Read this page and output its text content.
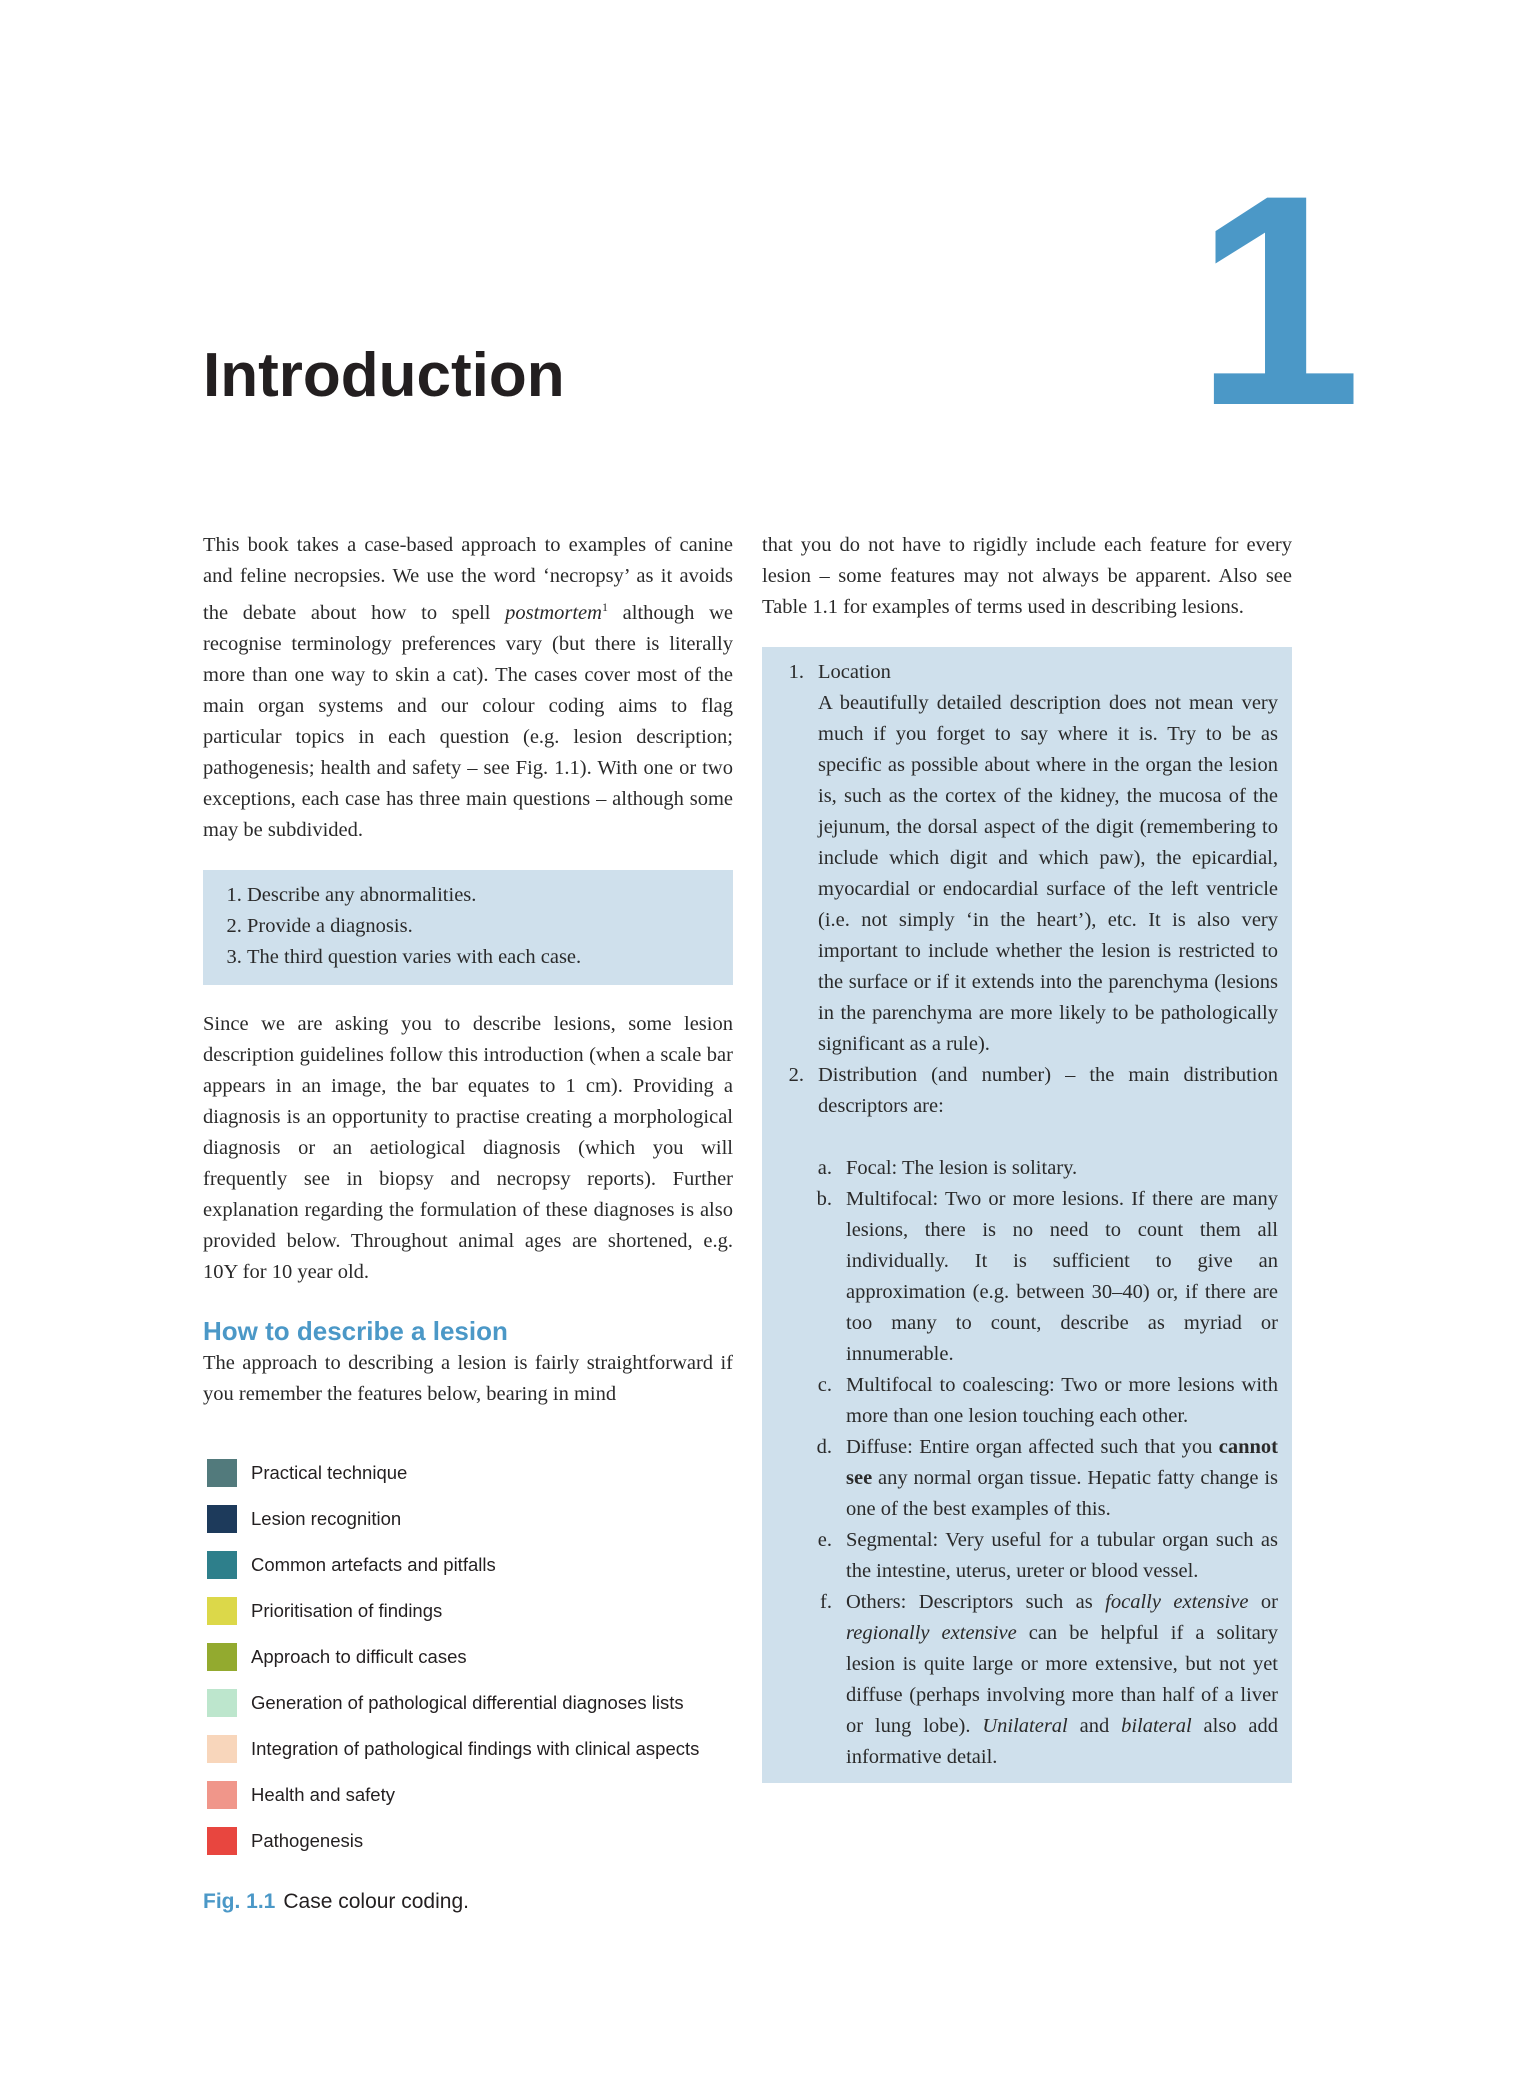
1
Introduction

This book takes a case-based approach to examples of canine and feline necropsies. We use the word ‘necropsy’ as it avoids the debate about how to spell postmortem$^1$ although we recognise terminology preferences vary (but there is literally more than one way to skin a cat). The cases cover most of the main organ systems and our colour coding aims to flag particular topics in each question (e.g. lesion description; pathogenesis; health and safety – see Fig. 1.1). With one or two exceptions, each case has three main questions – although some may be subdivided.

1. Describe any abnormalities.
2. Provide a diagnosis.
3. The third question varies with each case.

Since we are asking you to describe lesions, some lesion description guidelines follow this introduction (when a scale bar appears in an image, the bar equates to 1 cm). Providing a diagnosis is an opportunity to practise creating a morphological diagnosis or an aetiological diagnosis (which you will frequently see in biopsy and necropsy reports). Further explanation regarding the formulation of these diagnoses is also provided below. Throughout animal ages are shortened, e.g. 10Y for 10 year old.

How to describe a lesion

The approach to describing a lesion is fairly straightforward if you remember the features below, bearing in mind

Practical technique
Lesion recognition
Common artefacts and pitfalls
Prioritisation of findings
Approach to difficult cases
Generation of pathological differential diagnoses lists
Integration of pathological findings with clinical aspects
Health and safety
Pathogenesis
Fig. 1.1 Case colour coding.

that you do not have to rigidly include each feature for every lesion – some features may not always be apparent. Also see Table 1.1 for examples of terms used in describing lesions.

1. Location
A beautifully detailed description does not mean very much if you forget to say where it is. Try to be as specific as possible about where in the organ the lesion is, such as the cortex of the kidney, the mucosa of the jejunum, the dorsal aspect of the digit (remembering to include which digit and which paw), the epicardial, myocardial or endocardial surface of the left ventricle (i.e. not simply ‘in the heart’), etc. It is also very important to include whether the lesion is restricted to the surface or if it extends into the parenchyma (lesions in the parenchyma are more likely to be pathologically significant as a rule).
2. Distribution (and number) – the main distribution descriptors are:
a. Focal: The lesion is solitary.
b. Multifocal: Two or more lesions. If there are many lesions, there is no need to count them all individually. It is sufficient to give an approximation (e.g. between 30–40) or, if there are too many to count, describe as myriad or innumerable.
c. Multifocal to coalescing: Two or more lesions with more than one lesion touching each other.
d. Diffuse: Entire organ affected such that you cannot see any normal organ tissue. Hepatic fatty change is one of the best examples of this.
e. Segmental: Very useful for a tubular organ such as the intestine, uterus, ureter or blood vessel.
f. Others: Descriptors such as focally extensive or regionally extensive can be helpful if a solitary lesion is quite large or more extensive, but not yet diffuse (perhaps involving more than half of a liver or lung lobe). Unilateral and bilateral also add informative detail.
